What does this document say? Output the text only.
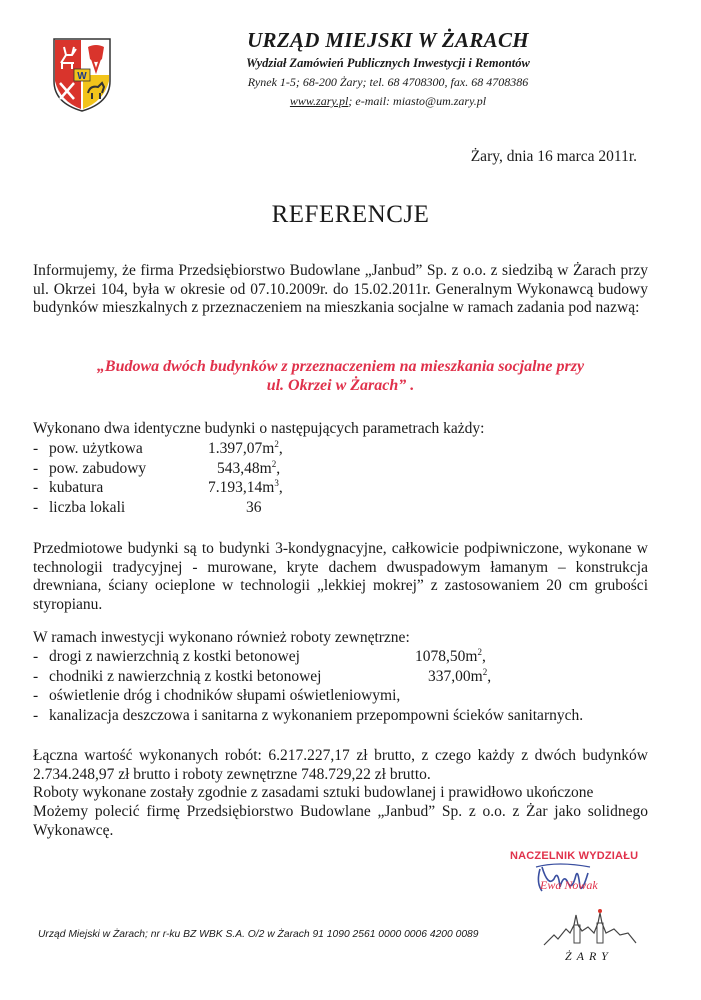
W
URZĄD MIEJSKI W ŻARACH
Wydział Zamówień Publicznych Inwestycji i Remontów
Rynek 1-5; 68-200 Żary; tel. 68 4708300, fax. 68 4708386
www.zary.pl; e-mail: miasto@um.zary.pl
Żary, dnia 16 marca 2011r.
REFERENCJE

Informujemy, że firma Przedsiębiorstwo Budowlane „Janbud” Sp. z o.o. z siedzibą w Żarach przy ul. Okrzei 104, była w okresie od 07.10.2009r. do 15.02.2011r. Generalnym Wykonawcą budowy budynków mieszkalnych z przeznaczeniem na mieszkania socjalne w ramach zadania pod nazwą:

„Budowa dwóch budynków z przeznaczeniem na mieszkania socjalne przy
ul. Okrzei w Żarach” .

Wykonano dwa identyczne budynki o następujących parametrach każdy:

- pow. użytkowa	$1.397,07m^2$,
- pow. zabudowy	$543,48m^2$,
- kubatura	$7.193,14m^3$,
- liczba lokali	36

Przedmiotowe budynki są to budynki 3-kondygnacyjne, całkowicie podpiwniczone, wykonane w technologii tradycyjnej - murowane, kryte dachem dwuspadowym łamanym – konstrukcja drewniana, ściany ocieplone w technologii „lekkiej mokrej” z zastosowaniem 20 cm grubości styropianu.

W ramach inwestycji wykonano również roboty zewnętrzne:

- drogi z nawierzchnią z kostki betonowej	$1078,50m^2$,
- chodniki z nawierzchnią z kostki betonowej	$337,00m^2$,
- oświetlenie dróg i chodników słupami oświetleniowymi,
- kanalizacja deszczowa i sanitarna z wykonaniem przepompowni ścieków sanitarnych.

Łączna wartość wykonanych robót: 6.217.227,17 zł brutto, z czego każdy z dwóch budynków 2.734.248,97 zł brutto i roboty zewnętrzne 748.729,22 zł brutto.

Roboty wykonane zostały zgodnie z zasadami sztuki budowlanej i prawidłowo ukończone

Możemy polecić firmę Przedsiębiorstwo Budowlane „Janbud” Sp. z o.o. z Żar jako solidnego Wykonawcę.

NACZELNIK WYDZIAŁU
Ewa Nowak
Urząd Miejski w Żarach; nr r-ku BZ WBK S.A. O/2 w Żarach 91 1090 2561 0000 0006 4200 0089
ŻARY
